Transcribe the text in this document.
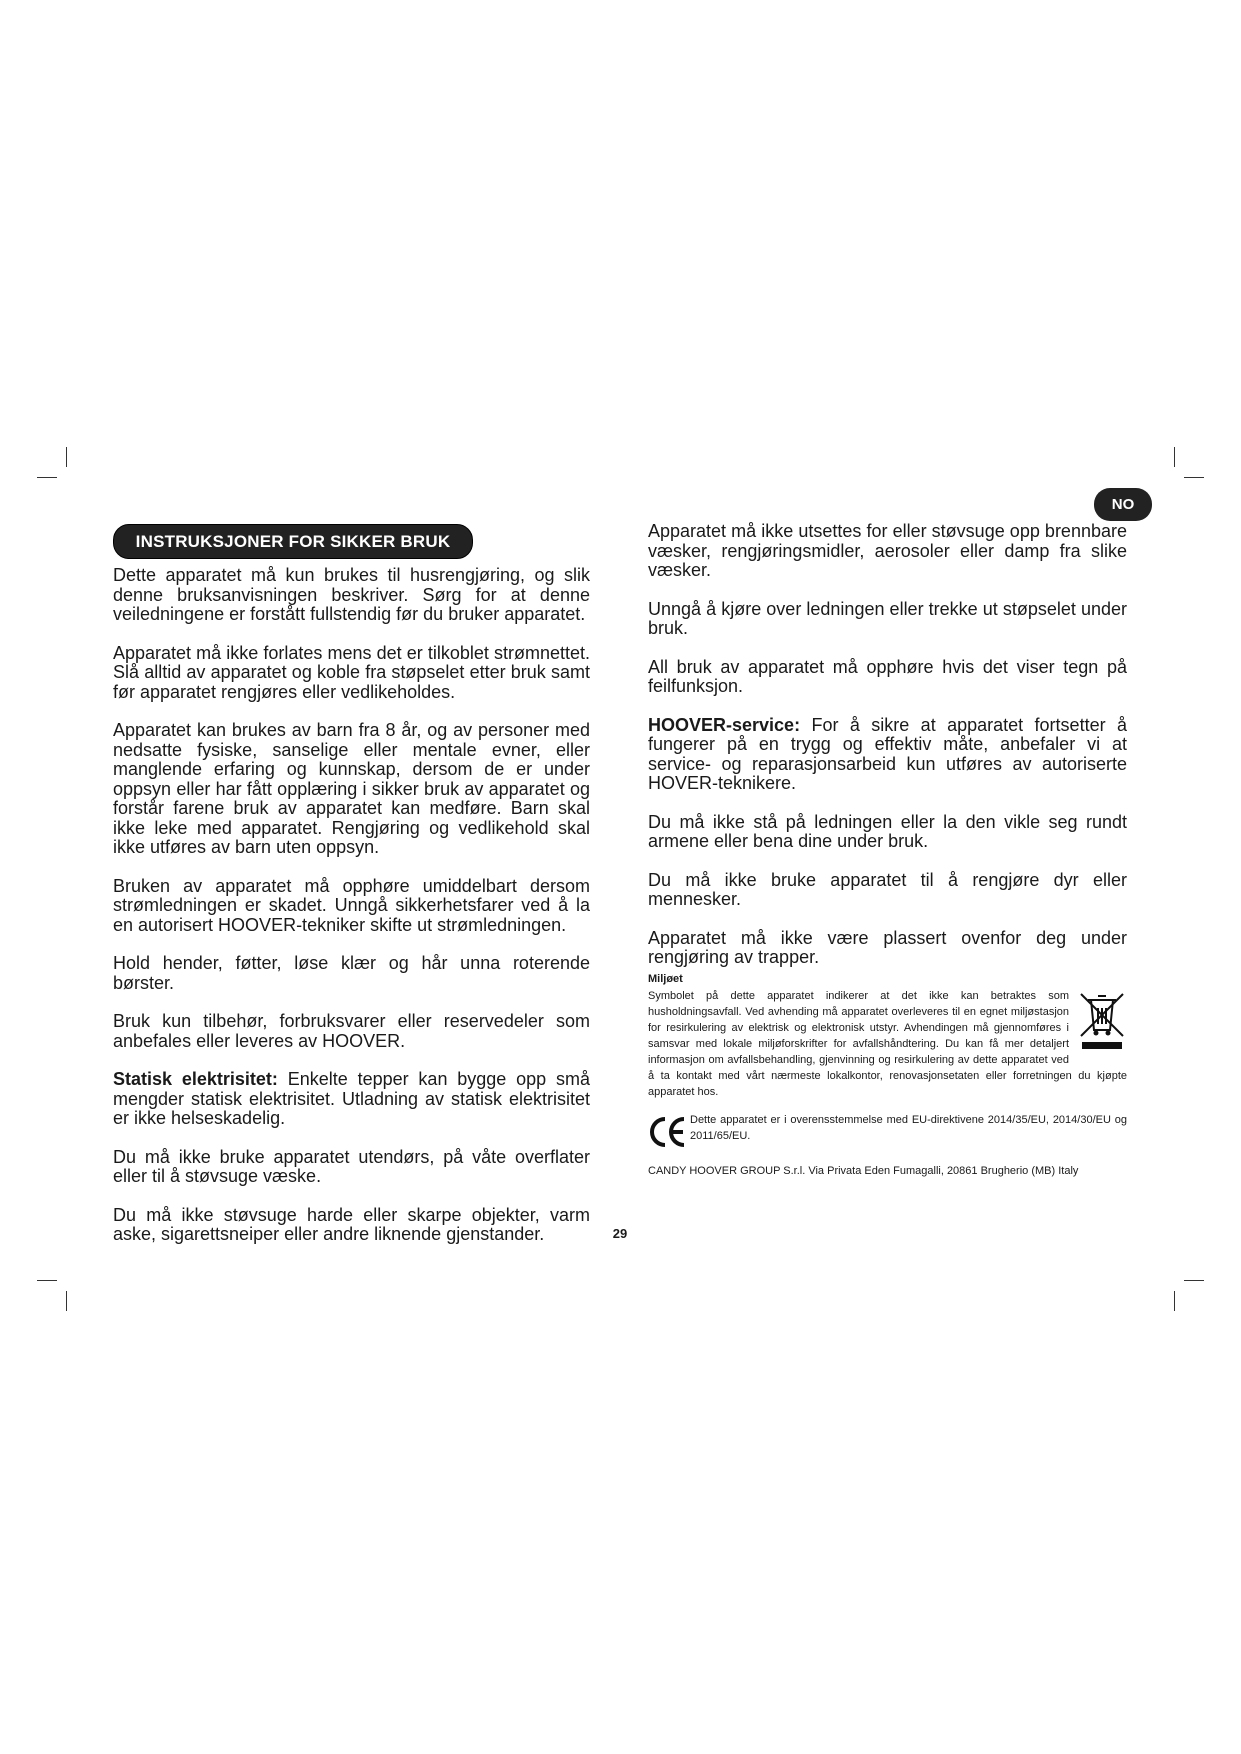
NO
INSTRUKSJONER FOR SIKKER BRUK

Dette apparatet må kun brukes til husrengjøring, og slik denne bruksanvisningen beskriver. Sørg for at denne veiledningene er forstått fullstendig før du bruker apparatet.

Apparatet må ikke forlates mens det er tilkoblet strømnettet. Slå alltid av apparatet og koble fra støpselet etter bruk samt før apparatet rengjøres eller vedlikeholdes.

Apparatet kan brukes av barn fra 8 år, og av personer med nedsatte fysiske, sanselige eller mentale evner, eller manglende erfaring og kunnskap, dersom de er under oppsyn eller har fått opplæring i sikker bruk av apparatet og forstår farene bruk av apparatet kan medføre. Barn skal ikke leke med apparatet. Rengjøring og vedlikehold skal ikke utføres av barn uten oppsyn.

Bruken av apparatet må opphøre umiddelbart dersom strømledningen er skadet. Unngå sikkerhetsfarer ved å la en autorisert HOOVER-tekniker skifte ut strømledningen.

Hold hender, føtter, løse klær og hår unna roterende børster.

Bruk kun tilbehør, forbruksvarer eller reservedeler som anbefales eller leveres av HOOVER.

Statisk elektrisitet: Enkelte tepper kan bygge opp små mengder statisk elektrisitet. Utladning av statisk elektrisitet er ikke helseskadelig.

Du må ikke bruke apparatet utendørs, på våte overflater eller til å støvsuge væske.

Du må ikke støvsuge harde eller skarpe objekter, varm aske, sigarettsneiper eller andre liknende gjenstander.

Apparatet må ikke utsettes for eller støvsuge opp brennbare væsker, rengjøringsmidler, aerosoler eller damp fra slike væsker.

Unngå å kjøre over ledningen eller trekke ut støpselet under bruk.

All bruk av apparatet må opphøre hvis det viser tegn på feilfunksjon.

HOOVER-service: For å sikre at apparatet fortsetter å fungerer på en trygg og effektiv måte, anbefaler vi at service- og reparasjonsarbeid kun utføres av autoriserte HOVER-teknikere.

Du må ikke stå på ledningen eller la den vikle seg rundt armene eller bena dine under bruk.

Du må ikke bruke apparatet til å rengjøre dyr eller mennesker.

Apparatet må ikke være plassert ovenfor deg under rengjøring av trapper.

Miljøet
Symbolet på dette apparatet indikerer at det ikke kan betraktes som husholdningsavfall. Ved avhending må apparatet overleveres til en egnet miljøstasjon for resirkulering av elektrisk og elektronisk utstyr. Avhendingen må gjennomføres i samsvar med lokale miljøforskrifter for avfallshåndtering. Du kan få mer detaljert informasjon om avfallsbehandling, gjenvinning og resirkulering av dette apparatet ved å ta kontakt med vårt nærmeste lokalkontor, renovasjonsetaten eller forretningen du kjøpte apparatet hos.
Dette apparatet er i overensstemmelse med EU-direktivene 2014/35/EU, 2014/30/EU og 2011/65/EU.
CANDY HOOVER GROUP S.r.l. Via Privata Eden Fumagalli, 20861 Brugherio (MB) Italy
29
